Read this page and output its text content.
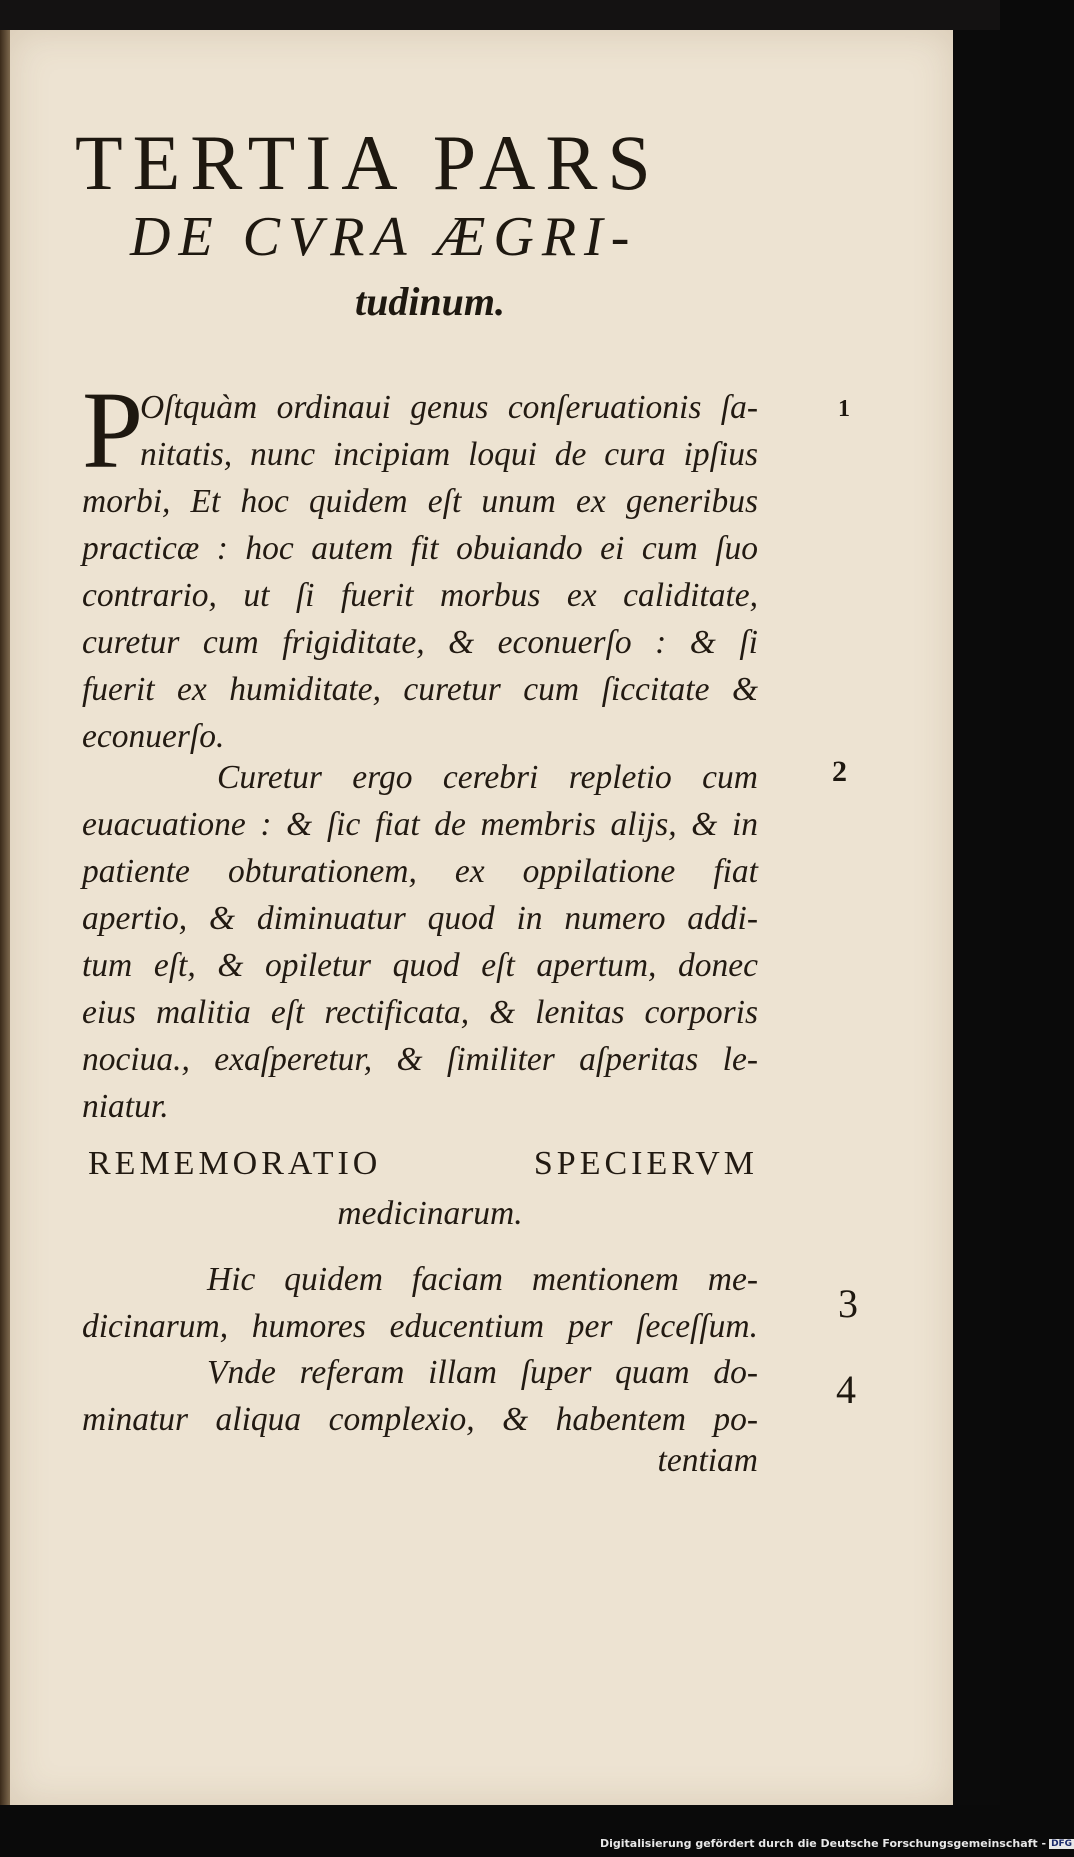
TERTIA PARS
DE CVRA ÆGRI-
tudinum.
P
Oſtquàm ordinaui genus conſeruationis ſa-
nitatis, nunc incipiam loqui de cura ipſius
morbi, Et hoc quidem eſt unum ex generibus
practicæ : hoc autem fit obuiando ei cum ſuo
contrario, ut ſi fuerit morbus ex caliditate,
curetur cum frigiditate, & econuerſo : & ſi
fuerit ex humiditate, curetur cum ſiccitate &
econuerſo.
Curetur ergo cerebri repletio cum
euacuatione : & ſic fiat de membris alijs, & in
patiente obturationem, ex oppilatione fiat
apertio, & diminuatur quod in numero addi-
tum eſt, & opiletur quod eſt apertum, donec
eius malitia eſt rectificata, & lenitas corporis
nociua., exaſperetur, & ſimiliter aſperitas le-
niatur.
REMEMORATIO SPECIERVM
medicinarum.
Hic quidem faciam mentionem me-
dicinarum, humores educentium per ſeceſſum.
Vnde referam illam ſuper quam do-
minatur aliqua complexio, & habentem po-
tentiam
1
2
3
4
Digitalisierung gefördert durch die Deutsche Forschungsgemeinschaft - DFG
